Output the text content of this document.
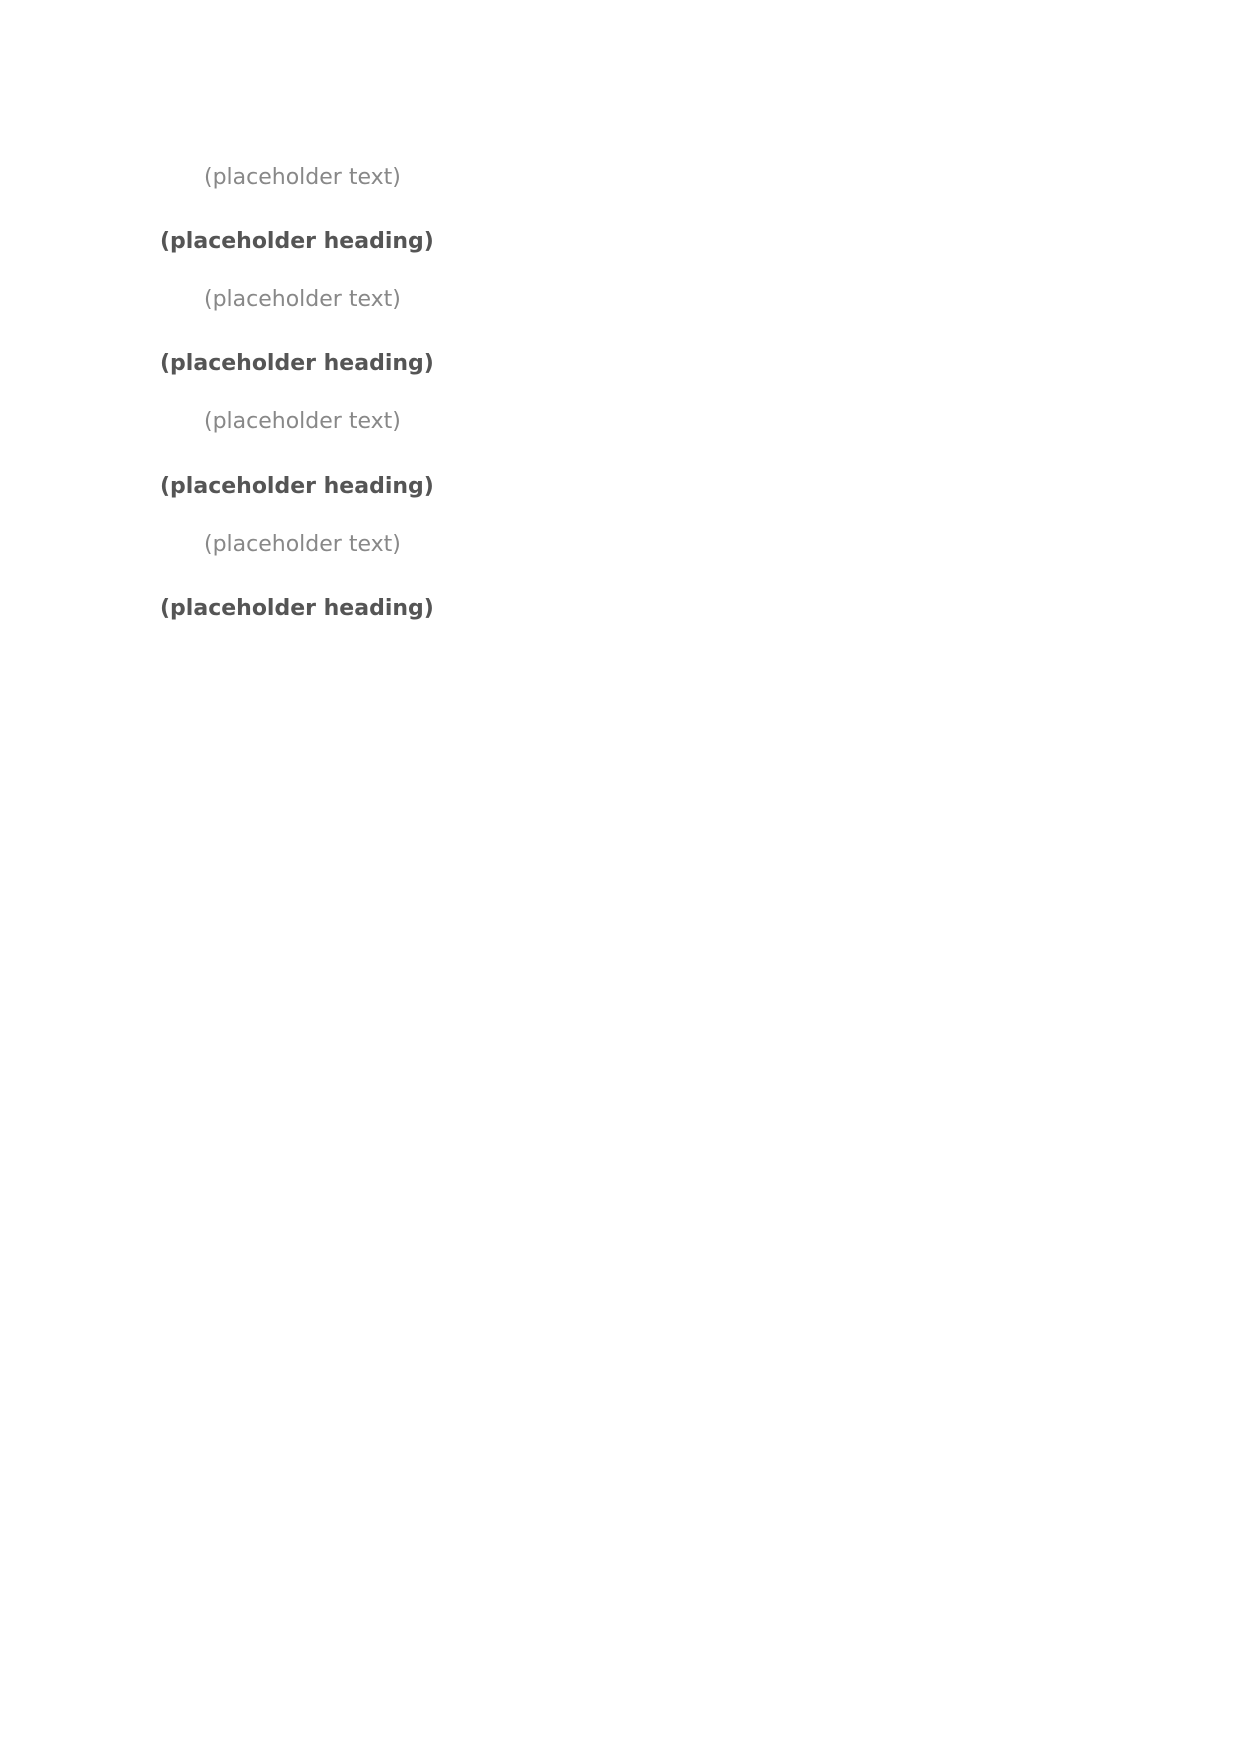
(placeholder text)

(placeholder heading)

(placeholder text)

(placeholder heading)

(placeholder text)

(placeholder heading)

(placeholder text)

(placeholder heading)
